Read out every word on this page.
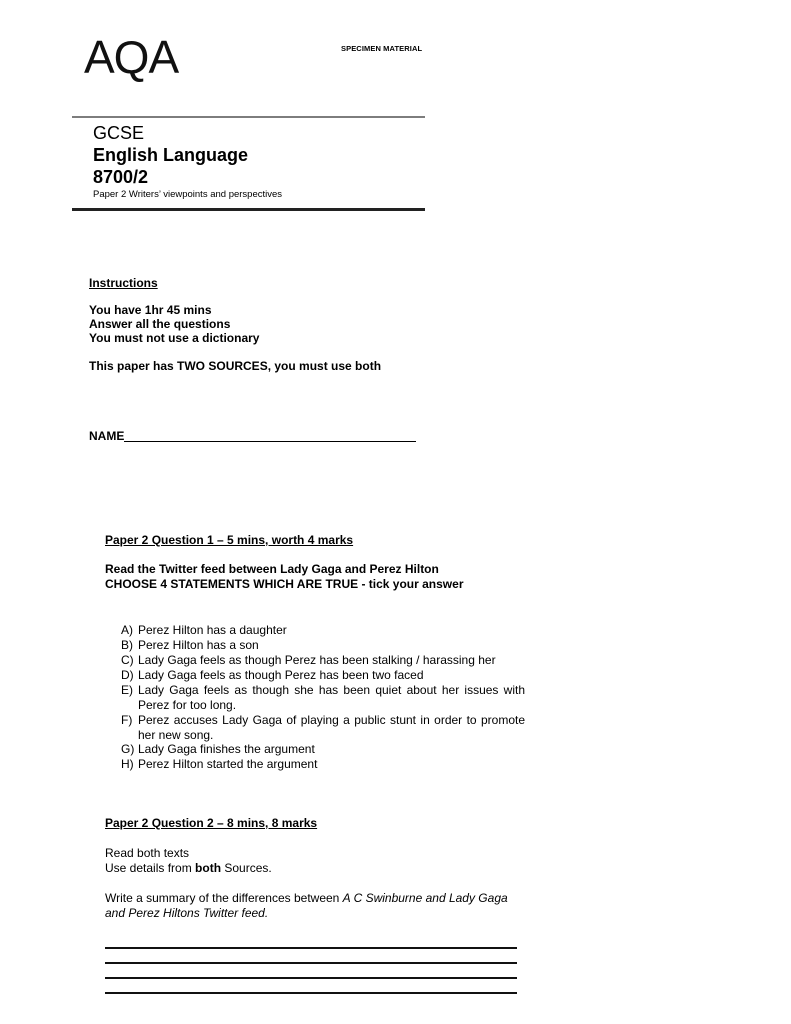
AQA	SPECIMEN MATERIAL
GCSE
English Language
8700/2
Paper 2 Writers’ viewpoints and perspectives
Instructions
You have 1hr 45 mins
Answer all the questions
You must not use a dictionary
This paper has TWO SOURCES, you must use both
NAME
Paper 2 Question 1 – 5 mins, worth 4 marks
Read the Twitter feed between Lady Gaga and Perez Hilton
CHOOSE 4 STATEMENTS WHICH ARE TRUE - tick your answer
A) Perez Hilton has a daughter
B) Perez Hilton has a son
C) Lady Gaga feels as though Perez has been stalking / harassing her
D) Lady Gaga feels as though Perez has been two faced
E) Lady Gaga feels as though she has been quiet about her issues with Perez for too long.
F) Perez accuses Lady Gaga of playing a public stunt in order to promote her new song.
G) Lady Gaga finishes the argument
H) Perez Hilton started the argument
Paper 2 Question 2 – 8 mins, 8 marks
Read both texts
Use details from both Sources.
Write a summary of the differences between A C Swinburne and Lady Gaga and Perez Hiltons Twitter feed.
